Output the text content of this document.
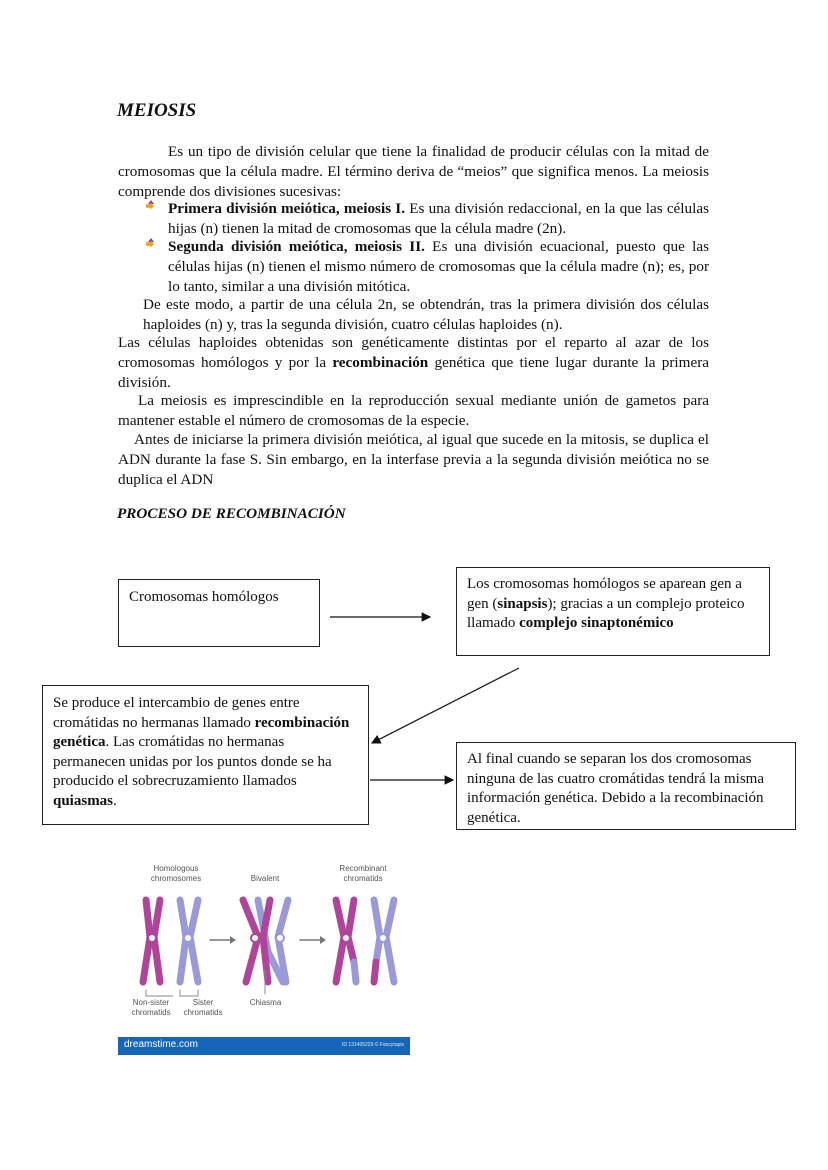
MEIOSIS
Es un tipo de división celular que tiene la finalidad de producir células con la mitad de cromosomas que la célula madre. El término deriva de “meios” que significa menos. La meiosis comprende dos divisiones sucesivas:
Primera división meiótica, meiosis I. Es una división redaccional, en la que las células hijas (n) tienen la mitad de cromosomas que la célula madre (2n).
Segunda división meiótica, meiosis II. Es una división ecuacional, puesto que las células hijas (n) tienen el mismo número de cromosomas que la célula madre (n); es, por lo tanto, similar a una división mitótica.
De este modo, a partir de una célula 2n, se obtendrán, tras la primera división dos células haploides (n) y, tras la segunda división, cuatro células haploides (n).
Las células haploides obtenidas son genéticamente distintas por el reparto al azar de los cromosomas homólogos y por la recombinación genética que tiene lugar durante la primera división.
La meiosis es imprescindible en la reproducción sexual mediante unión de gametos para mantener estable el número de cromosomas de la especie.
Antes de iniciarse la primera división meiótica, al igual que sucede en la mitosis, se duplica el ADN durante la fase S. Sin embargo, en la interfase previa a la segunda división meiótica no se duplica el ADN
PROCESO DE RECOMBINACIÓN
Cromosomas homólogos
Los cromosomas homólogos se aparean gen a gen (sinapsis); gracias a un complejo proteico llamado complejo sinaptonémico
Se produce el intercambio de genes entre cromátidas no hermanas llamado recombinación genética. Las cromátidas no hermanas permanecen unidas por los puntos donde se ha producido el sobrecruzamiento llamados quiasmas.
Al final cuando se separan los dos cromosomas ninguna de las cuatro cromátidas tendrá la misma información genética. Debido a la recombinación genética.
Homologous chromosomes	Bivalent
Recombinant chromatids
Non-sister chromatids
Sister chromatids
Chiasma
dreamstime.com	ID 131405229 © Fancytapis
